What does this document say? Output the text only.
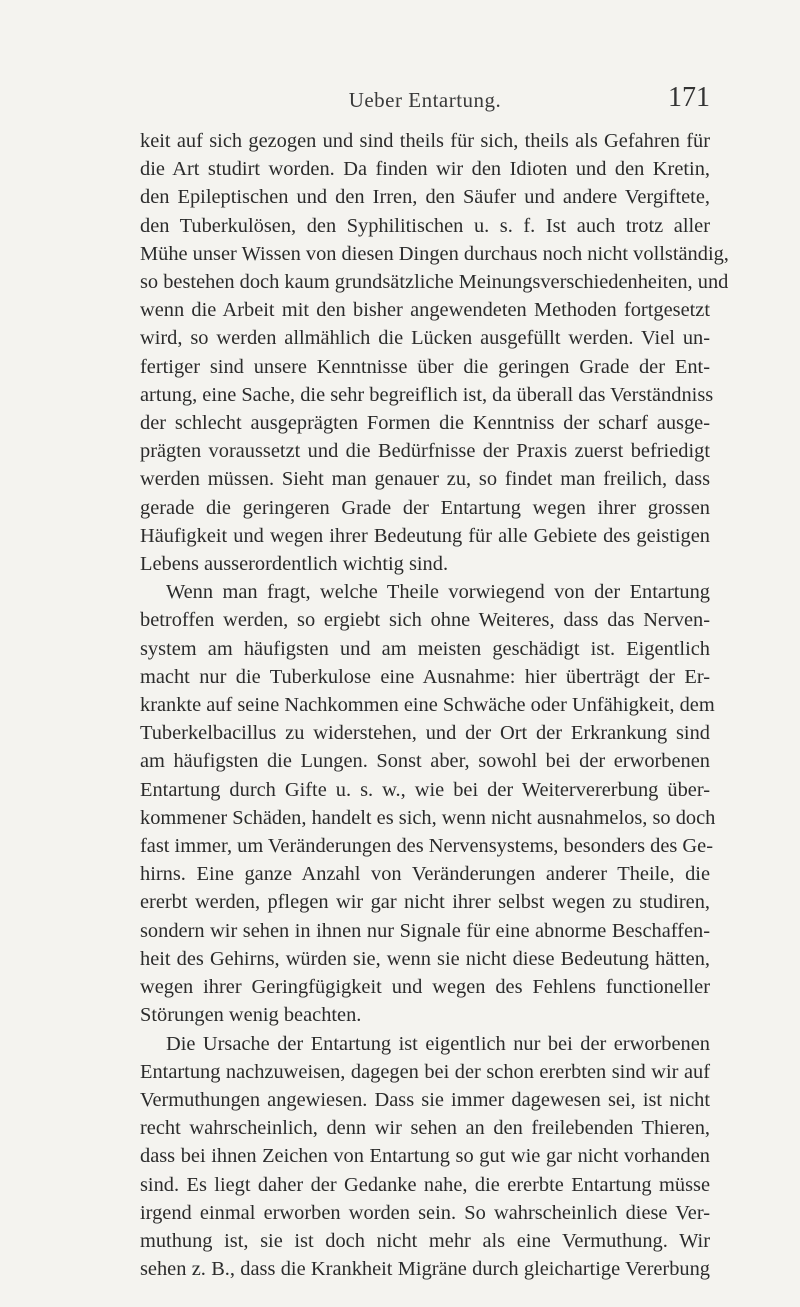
Ueber Entartung.	171
keit auf sich gezogen und sind theils für sich, theils als Gefahren für
die Art studirt worden. Da finden wir den Idioten und den Kretin,
den Epileptischen und den Irren, den Säufer und andere Vergiftete,
den Tuberkulösen, den Syphilitischen u. s. f. Ist auch trotz aller
Mühe unser Wissen von diesen Dingen durchaus noch nicht vollständig,
so bestehen doch kaum grundsätzliche Meinungsverschiedenheiten, und
wenn die Arbeit mit den bisher angewendeten Methoden fortgesetzt
wird, so werden allmählich die Lücken ausgefüllt werden. Viel un-
fertiger sind unsere Kenntnisse über die geringen Grade der Ent-
artung, eine Sache, die sehr begreiflich ist, da überall das Verständniss
der schlecht ausgeprägten Formen die Kenntniss der scharf ausge-
prägten voraussetzt und die Bedürfnisse der Praxis zuerst befriedigt
werden müssen. Sieht man genauer zu, so findet man freilich, dass
gerade die geringeren Grade der Entartung wegen ihrer grossen
Häufigkeit und wegen ihrer Bedeutung für alle Gebiete des geistigen
Lebens ausserordentlich wichtig sind.
Wenn man fragt, welche Theile vorwiegend von der Entartung
betroffen werden, so ergiebt sich ohne Weiteres, dass das Nerven-
system am häufigsten und am meisten geschädigt ist. Eigentlich
macht nur die Tuberkulose eine Ausnahme: hier überträgt der Er-
krankte auf seine Nachkommen eine Schwäche oder Unfähigkeit, dem
Tuberkelbacillus zu widerstehen, und der Ort der Erkrankung sind
am häufigsten die Lungen. Sonst aber, sowohl bei der erworbenen
Entartung durch Gifte u. s. w., wie bei der Weitervererbung über-
kommener Schäden, handelt es sich, wenn nicht ausnahmelos, so doch
fast immer, um Veränderungen des Nervensystems, besonders des Ge-
hirns. Eine ganze Anzahl von Veränderungen anderer Theile, die
ererbt werden, pflegen wir gar nicht ihrer selbst wegen zu studiren,
sondern wir sehen in ihnen nur Signale für eine abnorme Beschaffen-
heit des Gehirns, würden sie, wenn sie nicht diese Bedeutung hätten,
wegen ihrer Geringfügigkeit und wegen des Fehlens functioneller
Störungen wenig beachten.
Die Ursache der Entartung ist eigentlich nur bei der erworbenen
Entartung nachzuweisen, dagegen bei der schon ererbten sind wir auf
Vermuthungen angewiesen. Dass sie immer dagewesen sei, ist nicht
recht wahrscheinlich, denn wir sehen an den freilebenden Thieren,
dass bei ihnen Zeichen von Entartung so gut wie gar nicht vorhanden
sind. Es liegt daher der Gedanke nahe, die ererbte Entartung müsse
irgend einmal erworben worden sein. So wahrscheinlich diese Ver-
muthung ist, sie ist doch nicht mehr als eine Vermuthung. Wir
sehen z. B., dass die Krankheit Migräne durch gleichartige Vererbung
